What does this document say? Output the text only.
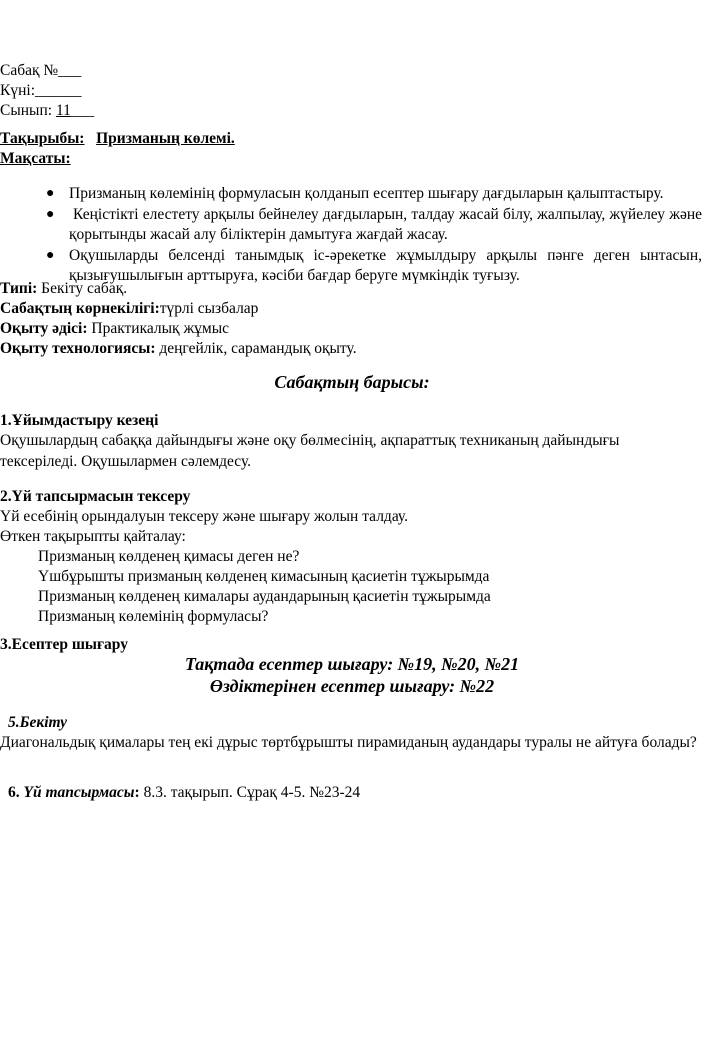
Сабақ №___
Күні:______
Сынып: 11___
Тақырыбы: Призманың көлемі.
Мақсаты:
● Призманың көлемінің формуласын қолданып есептер шығару дағдыларын қалыптастыру.
● Кеңістікті елестету арқылы бейнелеу дағдыларын, талдау жасай білу, жалпылау, жүйелеу және қорытынды жасай алу біліктерін дамытуға жағдай жасау.
● Оқушыларды белсенді танымдық іс-әрекетке жұмылдыру арқылы пәнге деген ынтасын, қызығушылығын арттыруға, кәсіби бағдар беруге мүмкіндік туғызу.
Типі: Бекіту сабақ.
Сабақтың көрнекілігі:түрлі сызбалар
Оқыту әдісі: Практикалық жұмыс
Оқыту технологиясы: деңгейлік, сарамандық оқыту.
Сабақтың барысы:
1.Ұйымдастыру кезеңі
Оқушылардың сабаққа дайындығы және оқу бөлмесінің, ақпараттық техниканың дайындығы тексеріледі. Оқушылармен сәлемдесу.
2.Үй тапсырмасын тексеру
Үй есебінің орындалуын тексеру және шығару жолын талдау.
Өткен тақырыпты қайталау:
Призманың көлденең қимасы деген не?
Үшбұрышты призманың көлденең кимасының қасиетін тұжырымда
Призманың көлденең кималары аудандарының қасиетін тұжырымда
Призманың көлемінің формуласы?
3.Есептер шығару
Тақтада есептер шығару: №19, №20, №21
Өздіктерінен есептер шығару: №22
5.Бекіту
Диагональдық қималары тең екі дұрыс төртбұрышты пирамиданың аудандары туралы не айтуға болады?
6. Үй тапсырмасы: 8.3. тақырып. Сұрақ 4-5. №23-24
